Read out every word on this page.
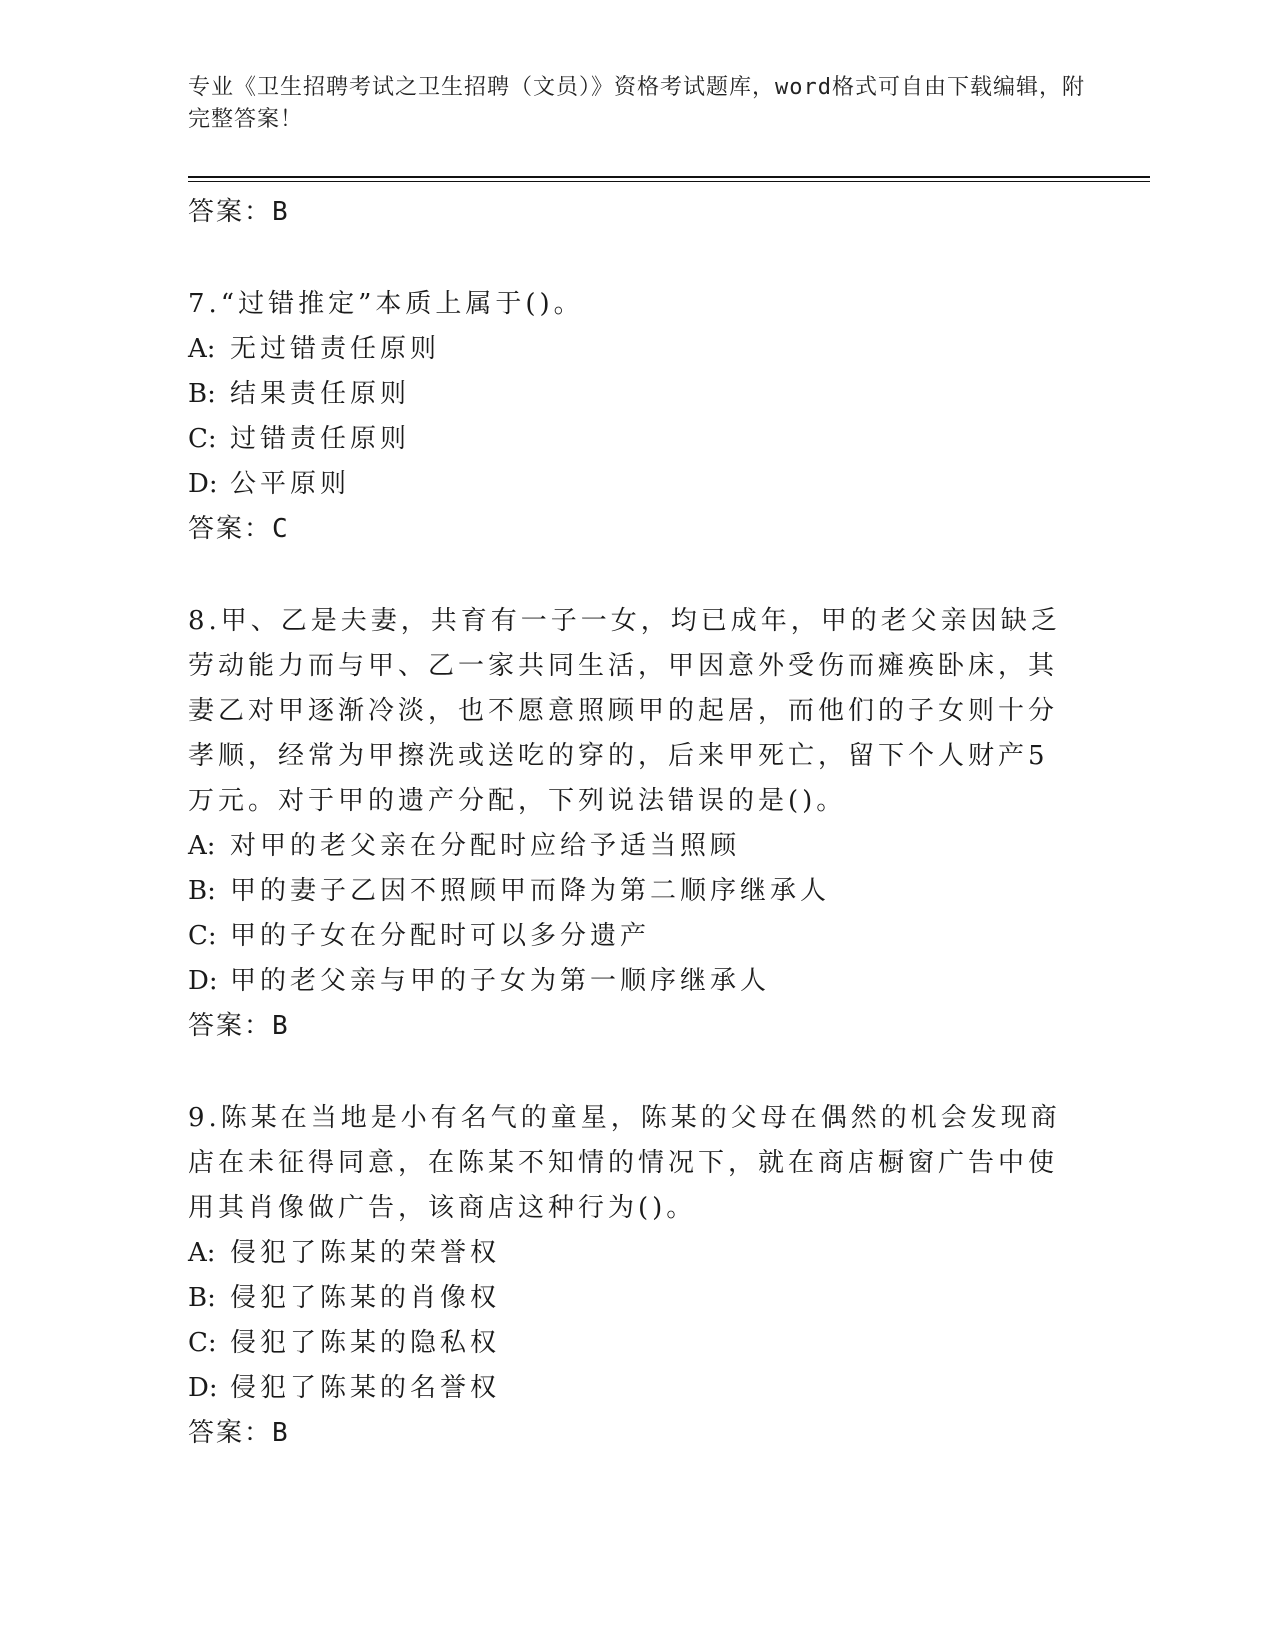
专业《卫生招聘考试之卫生招聘（文员）》资格考试题库，word格式可自由下载编辑，附完整答案！

答案：B

7.“过错推定”本质上属于()。

A: 无过错责任原则

B: 结果责任原则

C: 过错责任原则

D: 公平原则

答案：C

8.甲、乙是夫妻，共育有一子一女，均已成年，甲的老父亲因缺乏劳动能力而与甲、乙一家共同生活，甲因意外受伤而瘫痪卧床，其妻乙对甲逐渐冷淡，也不愿意照顾甲的起居，而他们的子女则十分孝顺，经常为甲擦洗或送吃的穿的，后来甲死亡，留下个人财产5万元。对于甲的遗产分配，下列说法错误的是()。

A: 对甲的老父亲在分配时应给予适当照顾

B: 甲的妻子乙因不照顾甲而降为第二顺序继承人

C: 甲的子女在分配时可以多分遗产

D: 甲的老父亲与甲的子女为第一顺序继承人

答案：B

9.陈某在当地是小有名气的童星，陈某的父母在偶然的机会发现商店在未征得同意，在陈某不知情的情况下，就在商店橱窗广告中使用其肖像做广告，该商店这种行为()。

A: 侵犯了陈某的荣誉权

B: 侵犯了陈某的肖像权

C: 侵犯了陈某的隐私权

D: 侵犯了陈某的名誉权

答案：B
